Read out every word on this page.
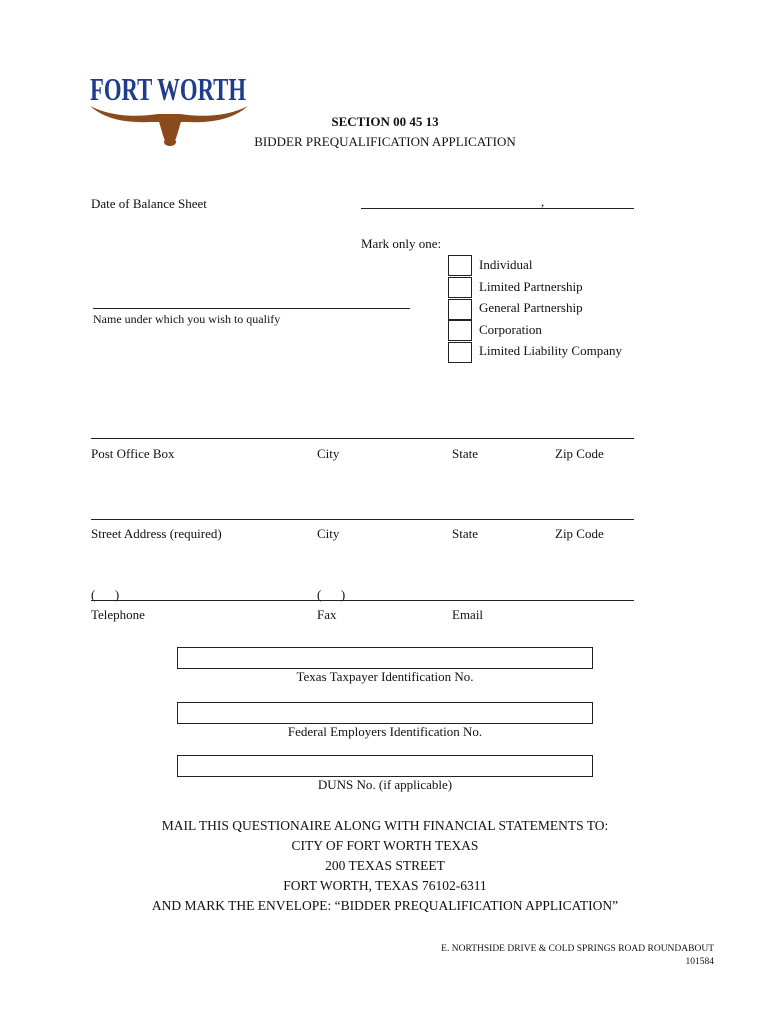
FORT WORTH
SECTION 00 45 13
BIDDER PREQUALIFICATION APPLICATION
Date of Balance Sheet	,
Mark only one:
Individual
Limited Partnership
General Partnership
Corporation
Limited Liability Company
Name under which you wish to qualify
Post Office Box	City	State	Zip Code
Street Address (required)	City	State	Zip Code
(      )	(      )
Telephone	Fax	Email
Texas Taxpayer Identification No.
Federal Employers Identification No.
DUNS No. (if applicable)
MAIL THIS QUESTIONAIRE ALONG WITH FINANCIAL STATEMENTS TO:
CITY OF FORT WORTH TEXAS
200 TEXAS STREET
FORT WORTH, TEXAS 76102-6311
AND MARK THE ENVELOPE: “BIDDER PREQUALIFICATION APPLICATION”
E. NORTHSIDE DRIVE & COLD SPRINGS ROAD ROUNDABOUT
101584
